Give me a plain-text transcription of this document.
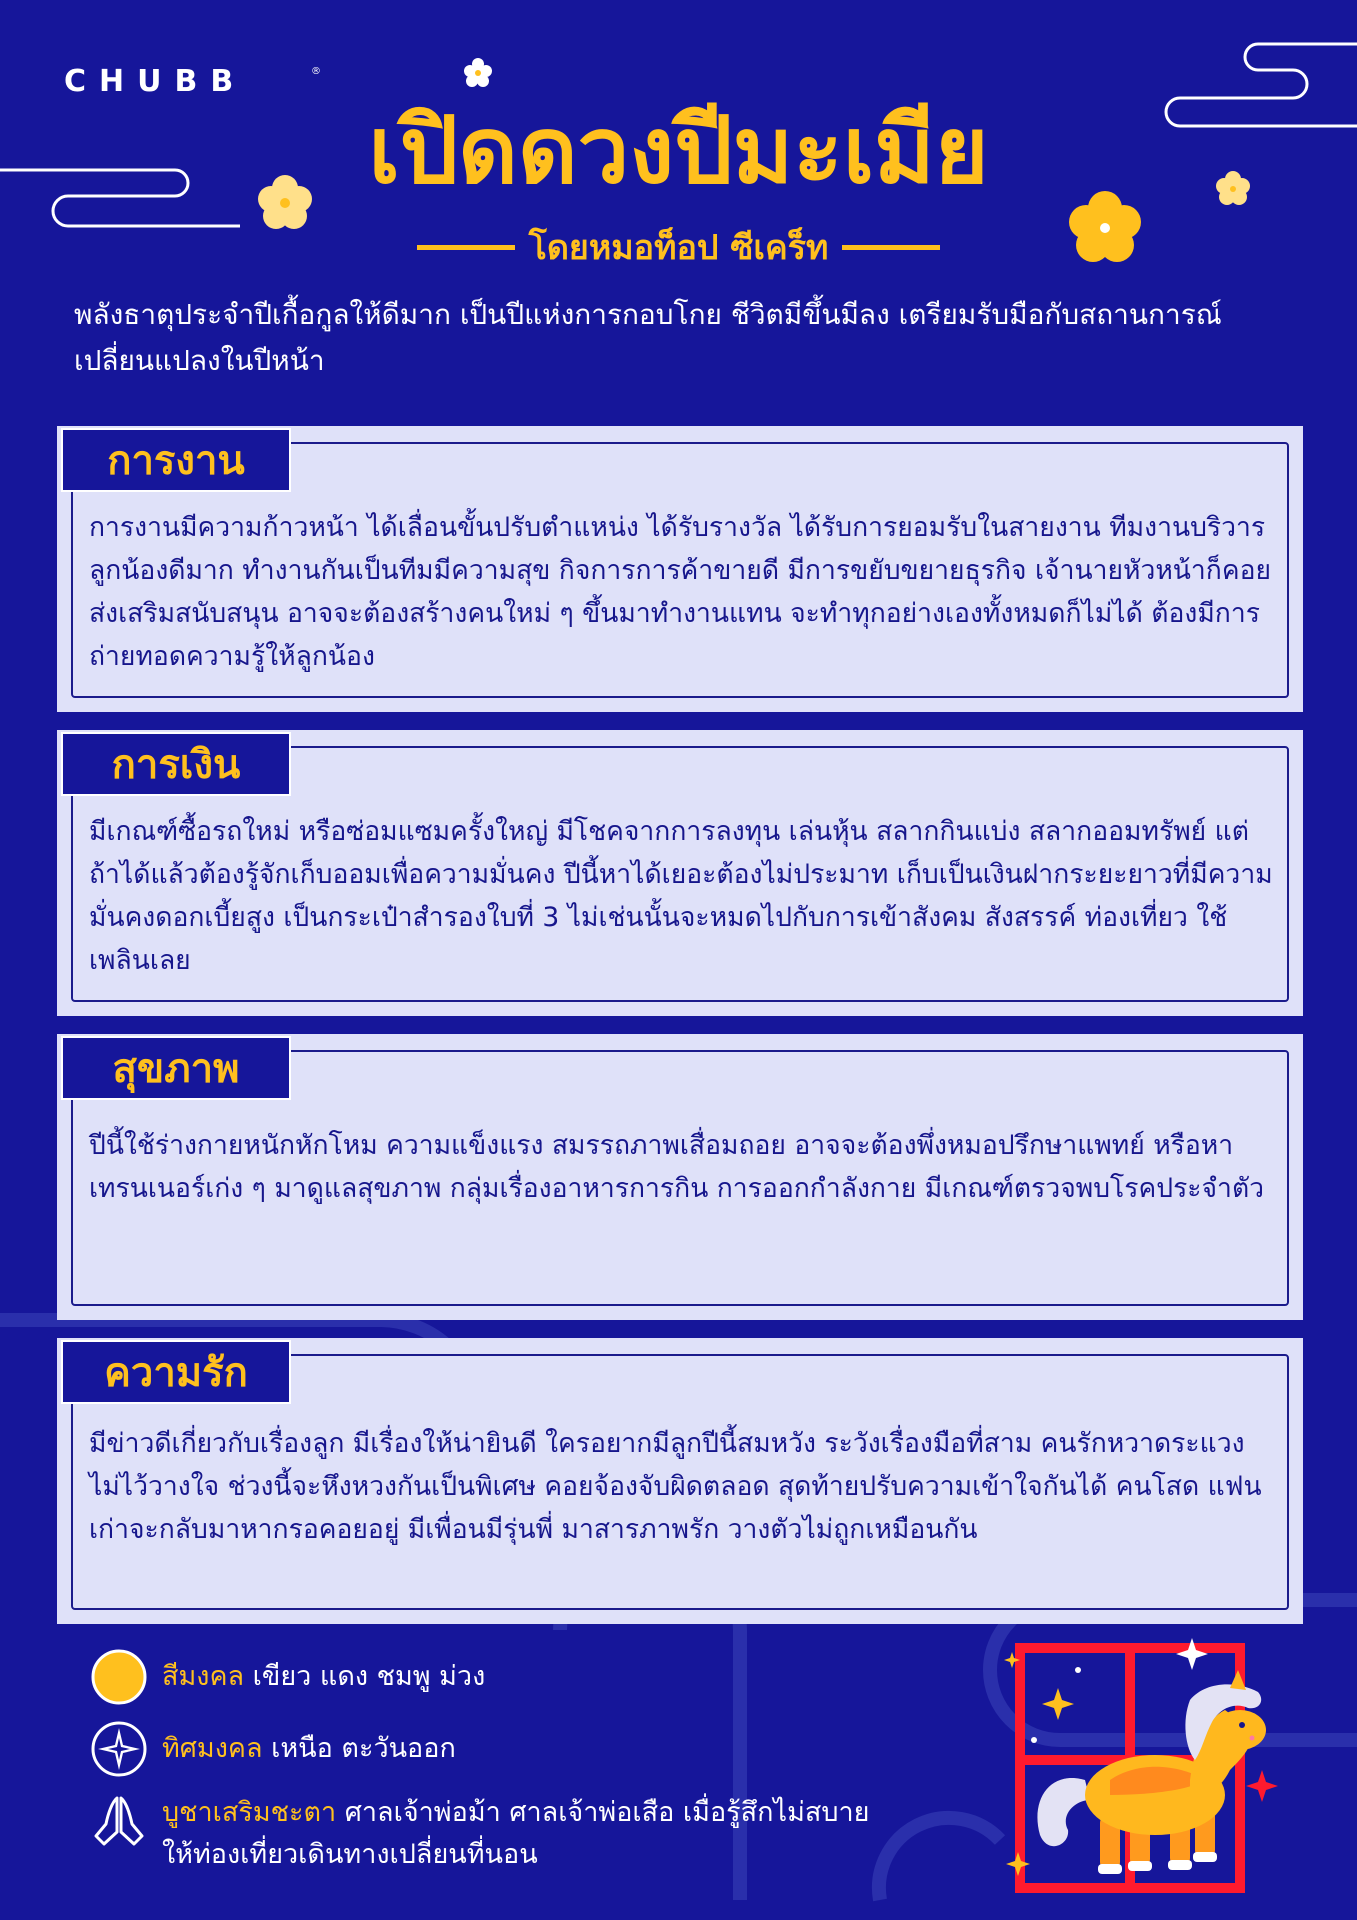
CHUBB	®
เปิดดวงปีมะเมีย
โดยหมอท็อป ซีเคร็ท
พลังธาตุประจำปีเกื้อกูลให้ดีมาก เป็นปีแห่งการกอบโกย ชีวิตมีขึ้นมีลง เตรียมรับมือกับสถานการณ์เปลี่ยนแปลงในปีหน้า
การงาน
การงานมีความก้าวหน้า ได้เลื่อนขั้นปรับตำแหน่ง ได้รับรางวัล ได้รับการยอมรับในสายงาน ทีมงานบริวารลูกน้องดีมาก ทำงานกันเป็นทีมมีความสุข กิจการการค้าขายดี มีการขยับขยายธุรกิจ เจ้านายหัวหน้าก็คอยส่งเสริมสนับสนุน อาจจะต้องสร้างคนใหม่ ๆ ขึ้นมาทำงานแทน จะทำทุกอย่างเองทั้งหมดก็ไม่ได้ ต้องมีการถ่ายทอดความรู้ให้ลูกน้อง
การเงิน
มีเกณฑ์ซื้อรถใหม่ หรือซ่อมแซมครั้งใหญ่ มีโชคจากการลงทุน เล่นหุ้น สลากกินแบ่ง สลากออมทรัพย์ แต่ถ้าได้แล้วต้องรู้จักเก็บออมเพื่อความมั่นคง ปีนี้หาได้เยอะต้องไม่ประมาท เก็บเป็นเงินฝากระยะยาวที่มีความมั่นคงดอกเบี้ยสูง เป็นกระเป๋าสำรองใบที่ 3 ไม่เช่นนั้นจะหมดไปกับการเข้าสังคม สังสรรค์ ท่องเที่ยว ใช้เพลินเลย
สุขภาพ
ปีนี้ใช้ร่างกายหนักหักโหม ความแข็งแรง สมรรถภาพเสื่อมถอย อาจจะต้องพึ่งหมอปรึกษาแพทย์ หรือหาเทรนเนอร์เก่ง ๆ มาดูแลสุขภาพ กลุ่มเรื่องอาหารการกิน การออกกำลังกาย มีเกณฑ์ตรวจพบโรคประจำตัว
ความรัก
มีข่าวดีเกี่ยวกับเรื่องลูก มีเรื่องให้น่ายินดี ใครอยากมีลูกปีนี้สมหวัง ระวังเรื่องมือที่สาม คนรักหวาดระแวงไม่ไว้วางใจ ช่วงนี้จะหึงหวงกันเป็นพิเศษ คอยจ้องจับผิดตลอด สุดท้ายปรับความเข้าใจกันได้ คนโสด แฟนเก่าจะกลับมาหากรอคอยอยู่ มีเพื่อนมีรุ่นพี่ มาสารภาพรัก วางตัวไม่ถูกเหมือนกัน
สีมงคล เขียว แดง ชมพู ม่วง
ทิศมงคล เหนือ ตะวันออก
บูชาเสริมชะตา ศาลเจ้าพ่อม้า ศาลเจ้าพ่อเสือ เมื่อรู้สึกไม่สบาย
ให้ท่องเที่ยวเดินทางเปลี่ยนที่นอน
